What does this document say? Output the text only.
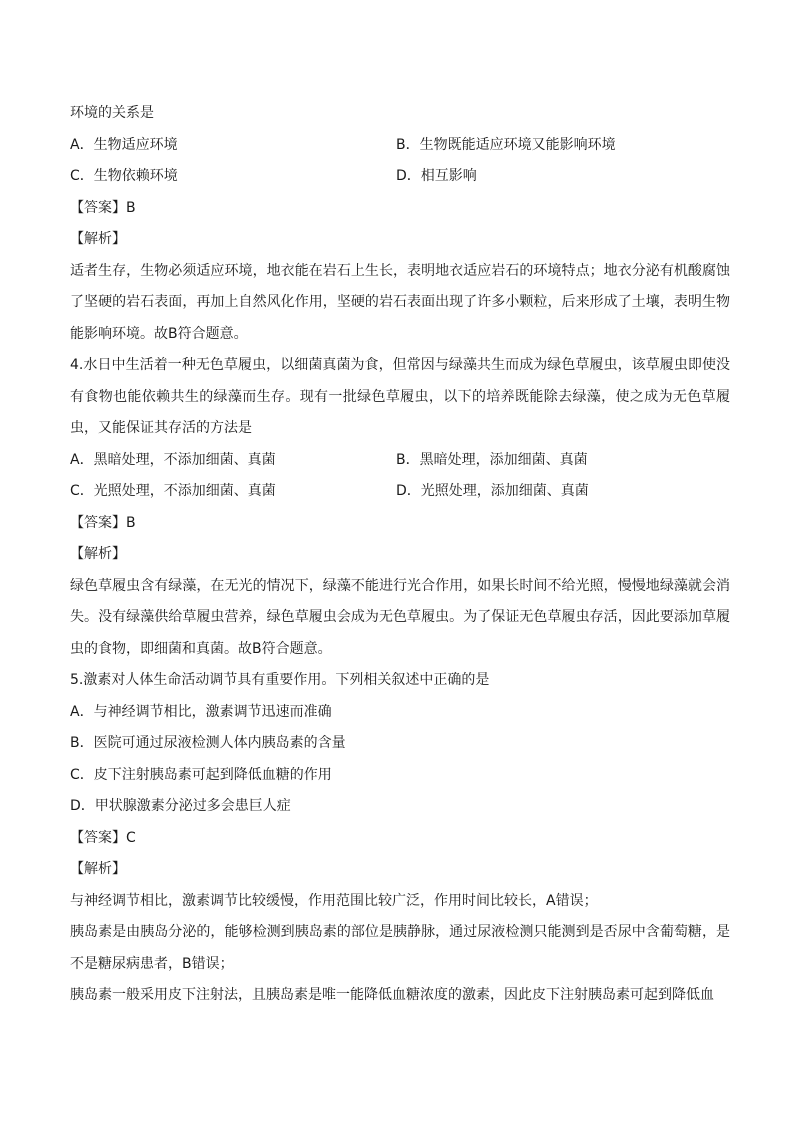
环境的关系是
A．生物适应环境	B．生物既能适应环境又能影响环境
C．生物依赖环境	D．相互影响
【答案】B
【解析】
适者生存，生物必须适应环境，地衣能在岩石上生长，表明地衣适应岩石的环境特点；地衣分泌有机酸腐蚀了坚硬的岩石表面，再加上自然风化作用，坚硬的岩石表面出现了许多小颗粒，后来形成了土壤，表明生物能影响环境。故B符合题意。
4.水日中生活着一种无色草履虫，以细菌真菌为食，但常因与绿藻共生而成为绿色草履虫，该草履虫即使没有食物也能依赖共生的绿藻而生存。现有一批绿色草履虫，以下的培养既能除去绿藻，使之成为无色草履虫，又能保证其存活的方法是
A．黑暗处理，不添加细菌、真菌	B．黑暗处理，添加细菌、真菌
C．光照处理，不添加细菌、真菌	D．光照处理，添加细菌、真菌
【答案】B
【解析】
绿色草履虫含有绿藻，在无光的情况下，绿藻不能进行光合作用，如果长时间不给光照，慢慢地绿藻就会消失。没有绿藻供给草履虫营养，绿色草履虫会成为无色草履虫。为了保证无色草履虫存活，因此要添加草履虫的食物，即细菌和真菌。故B符合题意。
5.激素对人体生命活动调节具有重要作用。下列相关叙述中正确的是
A．与神经调节相比，激素调节迅速而准确
B．医院可通过尿液检测人体内胰岛素的含量
C．皮下注射胰岛素可起到降低血糖的作用
D．甲状腺激素分泌过多会患巨人症
【答案】C
【解析】
与神经调节相比，激素调节比较缓慢，作用范围比较广泛，作用时间比较长，A错误；
胰岛素是由胰岛分泌的，能够检测到胰岛素的部位是胰静脉，通过尿液检测只能测到是否尿中含葡萄糖，是不是糖尿病患者，B错误；
胰岛素一般采用皮下注射法，且胰岛素是唯一能降低血糖浓度的激素，因此皮下注射胰岛素可起到降低血
